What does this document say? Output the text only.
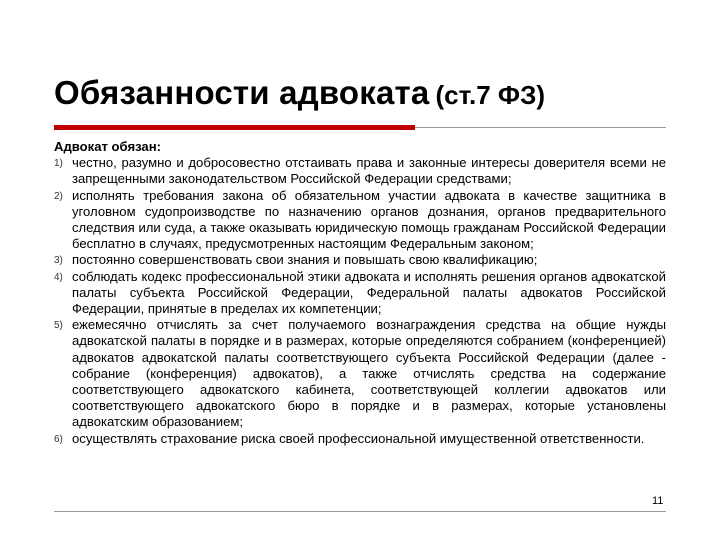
Обязанности адвоката (ст.7 ФЗ)
Адвокат обязан:
1) честно, разумно и добросовестно отстаивать права и законные интересы доверителя всеми не запрещенными законодательством Российской Федерации средствами;
2) исполнять требования закона об обязательном участии адвоката в качестве защитника в уголовном судопроизводстве по назначению органов дознания, органов предварительного следствия или суда, а также оказывать юридическую помощь гражданам Российской Федерации бесплатно в случаях, предусмотренных настоящим Федеральным законом;
3) постоянно совершенствовать свои знания и повышать свою квалификацию;
4) соблюдать кодекс профессиональной этики адвоката и исполнять решения органов адвокатской палаты субъекта Российской Федерации, Федеральной палаты адвокатов Российской Федерации, принятые в пределах их компетенции;
5) ежемесячно отчислять за счет получаемого вознаграждения средства на общие нужды адвокатской палаты в порядке и в размерах, которые определяются собранием (конференцией) адвокатов адвокатской палаты соответствующего субъекта Российской Федерации (далее - собрание (конференция) адвокатов), а также отчислять средства на содержание соответствующего адвокатского кабинета, соответствующей коллегии адвокатов или соответствующего адвокатского бюро в порядке и в размерах, которые установлены адвокатским образованием;
6) осуществлять страхование риска своей профессиональной имущественной ответственности.
11
